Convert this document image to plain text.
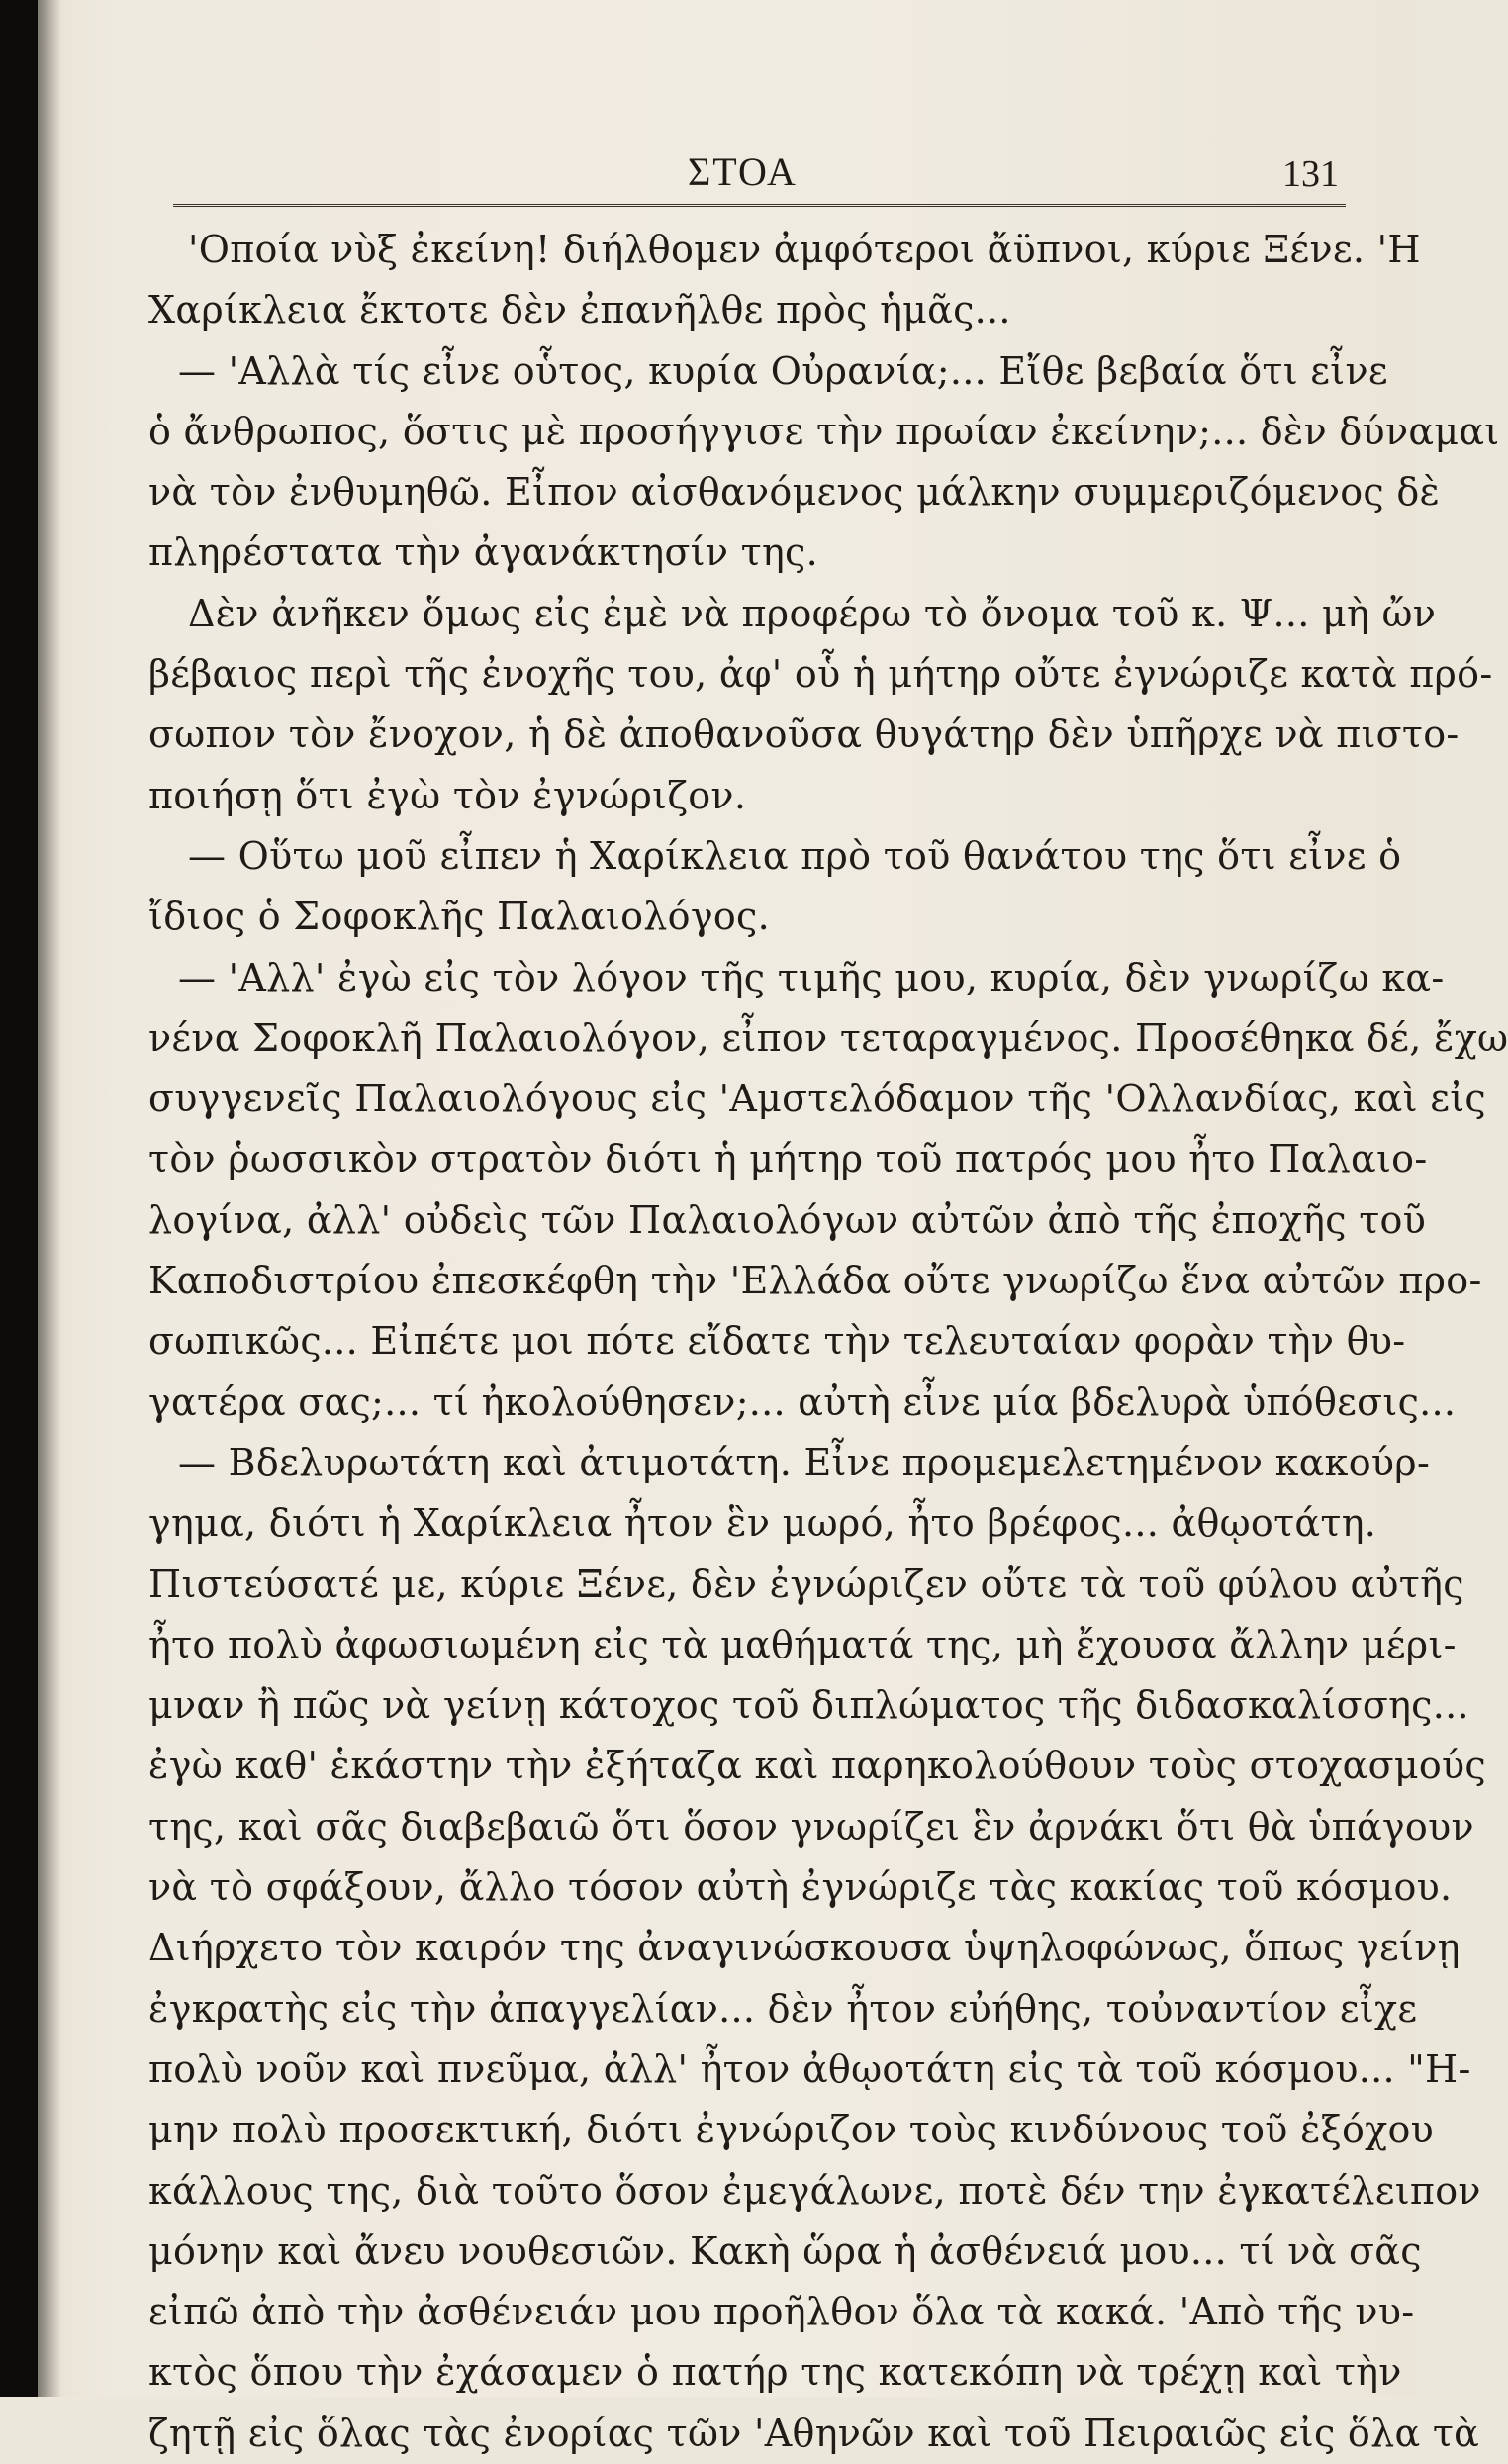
ΣΤΟΑ	131
'Οποία νὺξ ἐκείνη! διήλθομεν ἀμφότεροι ἄϋπνοι, κύριε Ξένε. 'Η
Χαρίκλεια ἔκτοτε δὲν ἐπανῆλθε πρὸς ἡμᾶς...
— 'Αλλὰ τίς εἶνε οὗτος, κυρία Οὐρανία;... Εἴθε βεβαία ὅτι εἶνε
ὁ ἄνθρωπος, ὅστις μὲ προσήγγισε τὴν πρωίαν ἐκείνην;... δὲν δύναμαι
νὰ τὸν ἐνθυμηθῶ. Εἶπον αἰσθανόμενος μάλκην συμμεριζόμενος δὲ
πληρέστατα τὴν ἀγανάκτησίν της.
Δὲν ἀνῆκεν ὅμως εἰς ἐμὲ νὰ προφέρω τὸ ὄνομα τοῦ κ. Ψ... μὴ ὤν
βέβαιος περὶ τῆς ἐνοχῆς του, ἀφ' οὗ ἡ μήτηρ οὔτε ἐγνώριζε κατὰ πρό-
σωπον τὸν ἔνοχον, ἡ δὲ ἀποθανοῦσα θυγάτηρ δὲν ὑπῆρχε νὰ πιστο-
ποιήσῃ ὅτι ἐγὼ τὸν ἐγνώριζον.
— Οὕτω μοῦ εἶπεν ἡ Χαρίκλεια πρὸ τοῦ θανάτου της ὅτι εἶνε ὁ
ἴδιος ὁ Σοφοκλῆς Παλαιολόγος.
— 'Αλλ' ἐγὼ εἰς τὸν λόγον τῆς τιμῆς μου, κυρία, δὲν γνωρίζω κα-
νένα Σοφοκλῆ Παλαιολόγον, εἶπον τεταραγμένος. Προσέθηκα δέ, ἔχω
συγγενεῖς Παλαιολόγους εἰς 'Αμστελόδαμον τῆς 'Ολλανδίας, καὶ εἰς
τὸν ῥωσσικὸν στρατὸν διότι ἡ μήτηρ τοῦ πατρός μου ἦτο Παλαιο-
λογίνα, ἀλλ' οὐδεὶς τῶν Παλαιολόγων αὐτῶν ἀπὸ τῆς ἐποχῆς τοῦ
Καποδιστρίου ἐπεσκέφθη τὴν 'Ελλάδα οὔτε γνωρίζω ἕνα αὐτῶν προ-
σωπικῶς... Εἰπέτε μοι πότε εἴδατε τὴν τελευταίαν φορὰν τὴν θυ-
γατέρα σας;... τί ἠκολούθησεν;... αὐτὴ εἶνε μία βδελυρὰ ὑπόθεσις...
— Βδελυρωτάτη καὶ ἀτιμοτάτη. Εἶνε προμεμελετημένον κακούρ-
γημα, διότι ἡ Χαρίκλεια ἦτον ἓν μωρό, ἦτο βρέφος... ἀθῳοτάτη.
Πιστεύσατέ με, κύριε Ξένε, δὲν ἐγνώριζεν οὔτε τὰ τοῦ φύλου αὐτῆς
ἦτο πολὺ ἀφωσιωμένη εἰς τὰ μαθήματά της, μὴ ἔχουσα ἄλλην μέρι-
μναν ἢ πῶς νὰ γείνῃ κάτοχος τοῦ διπλώματος τῆς διδασκαλίσσης...
ἐγὼ καθ' ἑκάστην τὴν ἐξήταζα καὶ παρηκολούθουν τοὺς στοχασμούς
της, καὶ σᾶς διαβεβαιῶ ὅτι ὅσον γνωρίζει ἓν ἀρνάκι ὅτι θὰ ὑπάγουν
νὰ τὸ σφάξουν, ἄλλο τόσον αὐτὴ ἐγνώριζε τὰς κακίας τοῦ κόσμου.
Διήρχετο τὸν καιρόν της ἀναγινώσκουσα ὑψηλοφώνως, ὅπως γείνῃ
ἐγκρατὴς εἰς τὴν ἀπαγγελίαν... δὲν ἦτον εὐήθης, τοὐναντίον εἶχε
πολὺ νοῦν καὶ πνεῦμα, ἀλλ' ἦτον ἀθῳοτάτη εἰς τὰ τοῦ κόσμου... "Η-
μην πολὺ προσεκτική, διότι ἐγνώριζον τοὺς κινδύνους τοῦ ἐξόχου
κάλλους της, διὰ τοῦτο ὅσον ἐμεγάλωνε, ποτὲ δέν την ἐγκατέλειπον
μόνην καὶ ἄνευ νουθεσιῶν. Κακὴ ὥρα ἡ ἀσθένειά μου... τί νὰ σᾶς
εἰπῶ ἀπὸ τὴν ἀσθένειάν μου προῆλθον ὅλα τὰ κακά. 'Απὸ τῆς νυ-
κτὸς ὅπου τὴν ἐχάσαμεν ὁ πατήρ της κατεκόπη νὰ τρέχῃ καὶ τὴν
ζητῇ εἰς ὅλας τὰς ἐνορίας τῶν 'Αθηνῶν καὶ τοῦ Πειραιῶς εἰς ὅλα τὰ
